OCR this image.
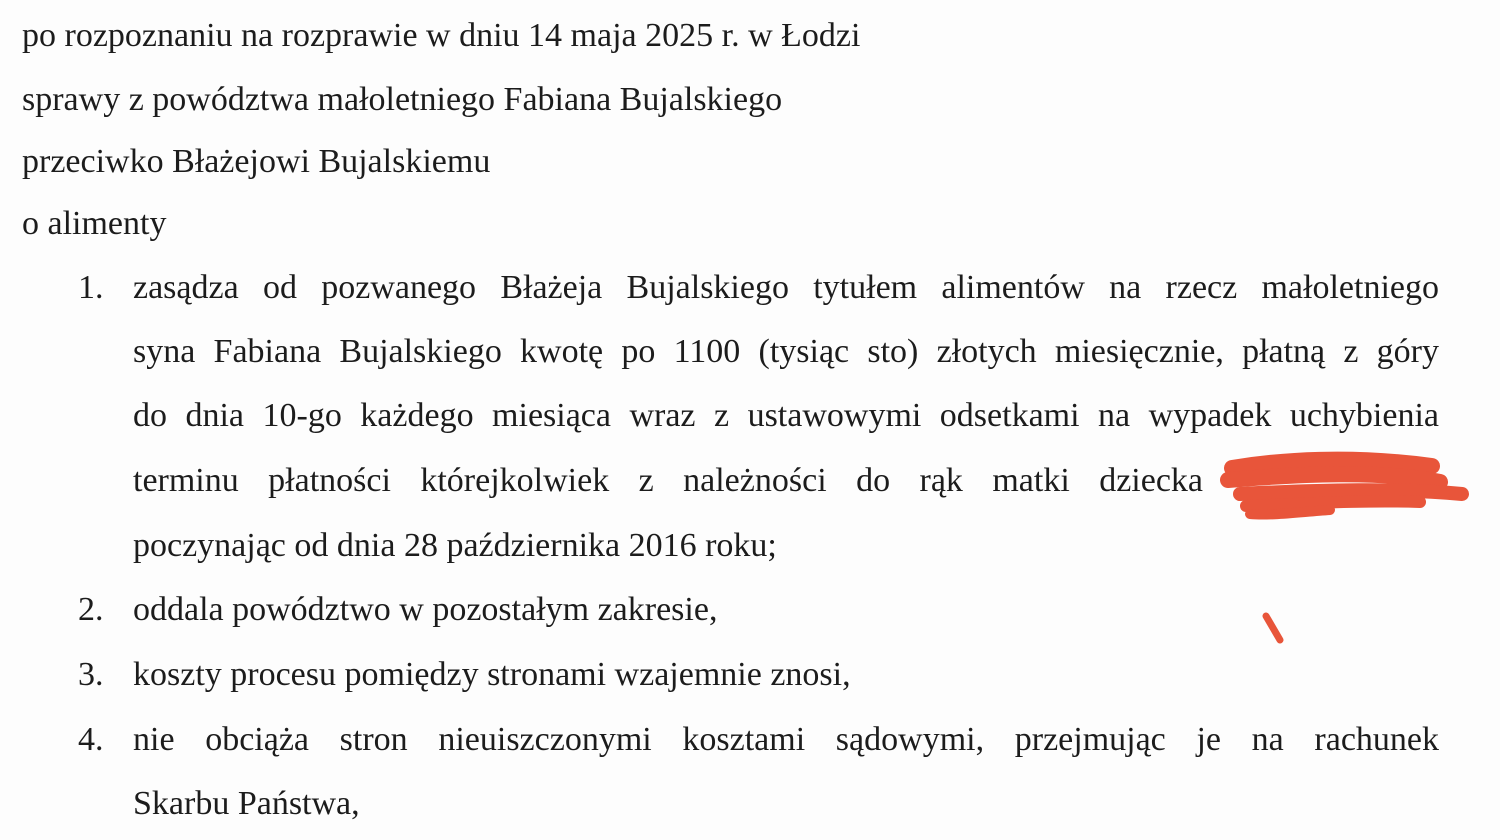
po rozpoznaniu na rozprawie w dniu 14 maja 2025 r. w Łodzi
sprawy z powództwa małoletniego Fabiana Bujalskiego
przeciwko Błażejowi Bujalskiemu
o alimenty
1. zasądza od pozwanego Błażeja Bujalskiego tytułem alimentów na rzecz małoletniego
syna Fabiana Bujalskiego kwotę po 1100 (tysiąc sto) złotych miesięcznie, płatną z góry
do dnia 10-go każdego miesiąca wraz z ustawowymi odsetkami na wypadek uchybienia
terminu płatności którejkolwiek z należności do rąk matki dziecka
poczynając od dnia 28 października 2016 roku;
2. oddala powództwo w pozostałym zakresie,
3. koszty procesu pomiędzy stronami wzajemnie znosi,
4. nie obciąża stron nieuiszczonymi kosztami sądowymi, przejmując je na rachunek
Skarbu Państwa,
